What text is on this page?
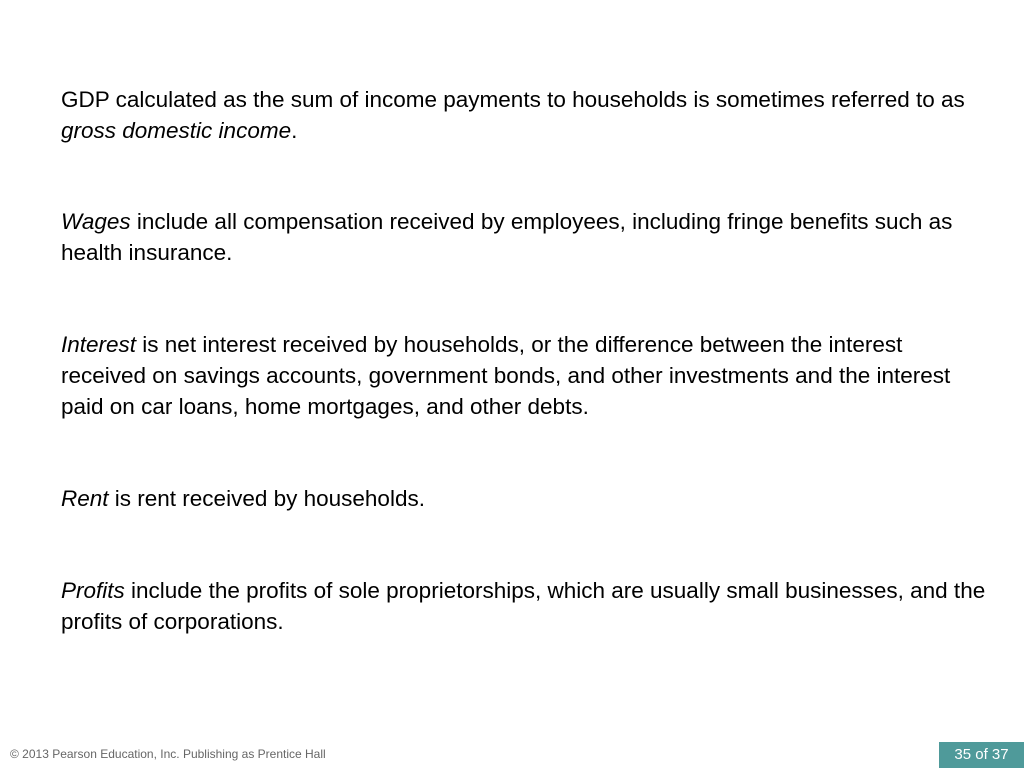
GDP calculated as the sum of income payments to households is sometimes referred to as gross domestic income.

Wages include all compensation received by employees, including fringe benefits such as health insurance.

Interest is net interest received by households, or the difference between the interest received on savings accounts, government bonds, and other investments and the interest paid on car loans, home mortgages, and other debts.

Rent is rent received by households.

Profits include the profits of sole proprietorships, which are usually small businesses, and the profits of corporations.

© 2013 Pearson Education, Inc. Publishing as Prentice Hall	35 of 37
